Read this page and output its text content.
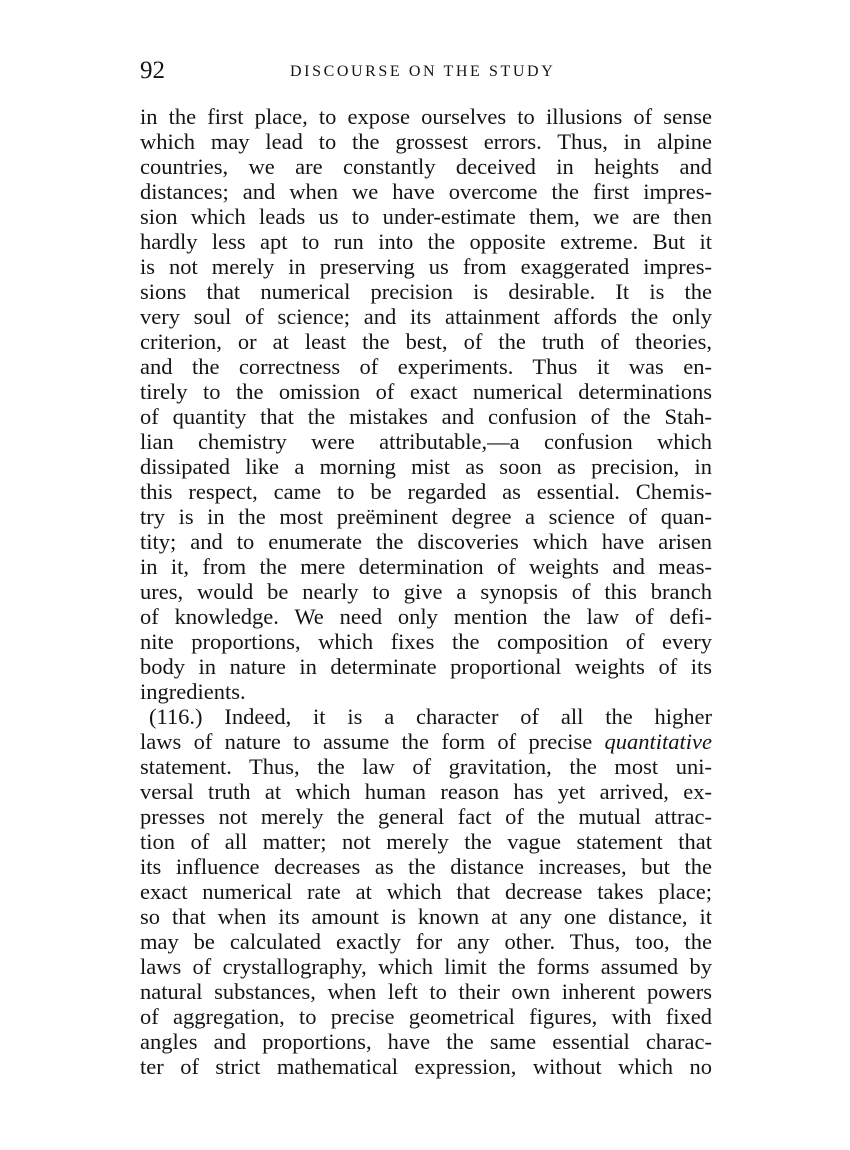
92	DISCOURSE ON THE STUDY
in the first place, to expose ourselves to illusions of sense
which may lead to the grossest errors. Thus, in alpine
countries, we are constantly deceived in heights and
distances; and when we have overcome the first impres-
sion which leads us to under-estimate them, we are then
hardly less apt to run into the opposite extreme. But it
is not merely in preserving us from exaggerated impres-
sions that numerical precision is desirable. It is the
very soul of science; and its attainment affords the only
criterion, or at least the best, of the truth of theories,
and the correctness of experiments. Thus it was en-
tirely to the omission of exact numerical determinations
of quantity that the mistakes and confusion of the Stah-
lian chemistry were attributable,—a confusion which
dissipated like a morning mist as soon as precision, in
this respect, came to be regarded as essential. Chemis-
try is in the most preëminent degree a science of quan-
tity; and to enumerate the discoveries which have arisen
in it, from the mere determination of weights and meas-
ures, would be nearly to give a synopsis of this branch
of knowledge. We need only mention the law of defi-
nite proportions, which fixes the composition of every
body in nature in determinate proportional weights of its
ingredients.
(116.) Indeed, it is a character of all the higher
laws of nature to assume the form of precise quantitative
statement. Thus, the law of gravitation, the most uni-
versal truth at which human reason has yet arrived, ex-
presses not merely the general fact of the mutual attrac-
tion of all matter; not merely the vague statement that
its influence decreases as the distance increases, but the
exact numerical rate at which that decrease takes place;
so that when its amount is known at any one distance, it
may be calculated exactly for any other. Thus, too, the
laws of crystallography, which limit the forms assumed by
natural substances, when left to their own inherent powers
of aggregation, to precise geometrical figures, with fixed
angles and proportions, have the same essential charac-
ter of strict mathematical expression, without which no
